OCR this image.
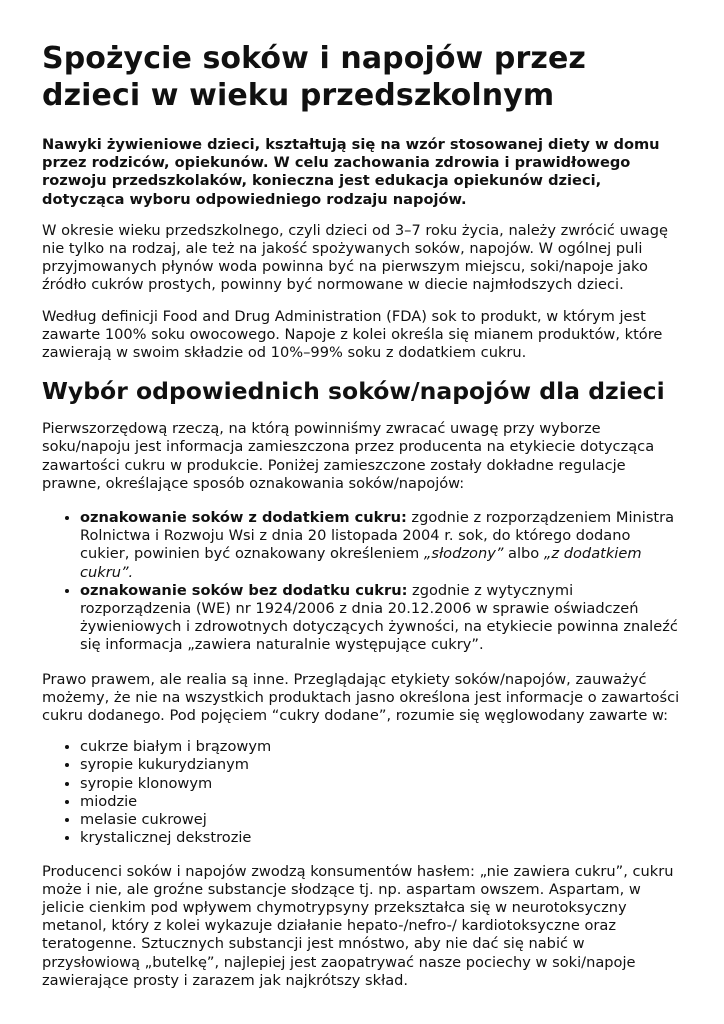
Spożycie soków i napojów przez dzieci w wieku przedszkolnym

Nawyki żywieniowe dzieci, kształtują się na wzór stosowanej diety w domu przez rodziców, opiekunów. W celu zachowania zdrowia i prawidłowego rozwoju przedszkolaków, konieczna jest edukacja opiekunów dzieci, dotycząca wyboru odpowiedniego rodzaju napojów.

W okresie wieku przedszkolnego, czyli dzieci od 3–7 roku życia, należy zwrócić uwagę nie tylko na rodzaj, ale też na jakość spożywanych soków, napojów. W ogólnej puli przyjmowanych płynów woda powinna być na pierwszym miejscu, soki/napoje jako źródło cukrów prostych, powinny być normowane w diecie najmłodszych dzieci.

Według definicji Food and Drug Administration (FDA) sok to produkt, w którym jest zawarte 100% soku owocowego. Napoje z kolei określa się mianem produktów, które zawierają w swoim składzie od 10%–99% soku z dodatkiem cukru.

Wybór odpowiednich soków/napojów dla dzieci

Pierwszorzędową rzeczą, na którą powinniśmy zwracać uwagę przy wyborze soku/napoju jest informacja zamieszczona przez producenta na etykiecie dotycząca zawartości cukru w produkcie. Poniżej zamieszczone zostały dokładne regulacje prawne, określające sposób oznakowania soków/napojów:

• oznakowanie soków z dodatkiem cukru: zgodnie z rozporządzeniem Ministra Rolnictwa i Rozwoju Wsi z dnia 20 listopada 2004 r. sok, do którego dodano cukier, powinien być oznakowany określeniem „słodzony” albo „z dodatkiem cukru”.
• oznakowanie soków bez dodatku cukru: zgodnie z wytycznymi rozporządzenia (WE) nr 1924/2006 z dnia 20.12.2006 w sprawie oświadczeń żywieniowych i zdrowotnych dotyczących żywności, na etykiecie powinna znaleźć się informacja „zawiera naturalnie występujące cukry”.

Prawo prawem, ale realia są inne. Przeglądając etykiety soków/napojów, zauważyć możemy, że nie na wszystkich produktach jasno określona jest informacje o zawartości cukru dodanego. Pod pojęciem “cukry dodane”, rozumie się węglowodany zawarte w:

• cukrze białym i brązowym
• syropie kukurydzianym
• syropie klonowym
• miodzie
• melasie cukrowej
• krystalicznej dekstrozie

Producenci soków i napojów zwodzą konsumentów hasłem: „nie zawiera cukru”, cukru może i nie, ale groźne substancje słodzące tj. np. aspartam owszem. Aspartam, w jelicie cienkim pod wpływem chymotrypsyny przekształca się w neurotoksyczny metanol, który z kolei wykazuje działanie hepato-/nefro-/ kardiotoksyczne oraz teratogenne. Sztucznych substancji jest mnóstwo, aby nie dać się nabić w przysłowiową „butelkę”, najlepiej jest zaopatrywać nasze pociechy w soki/napoje zawierające prosty i zarazem jak najkrótszy skład.
